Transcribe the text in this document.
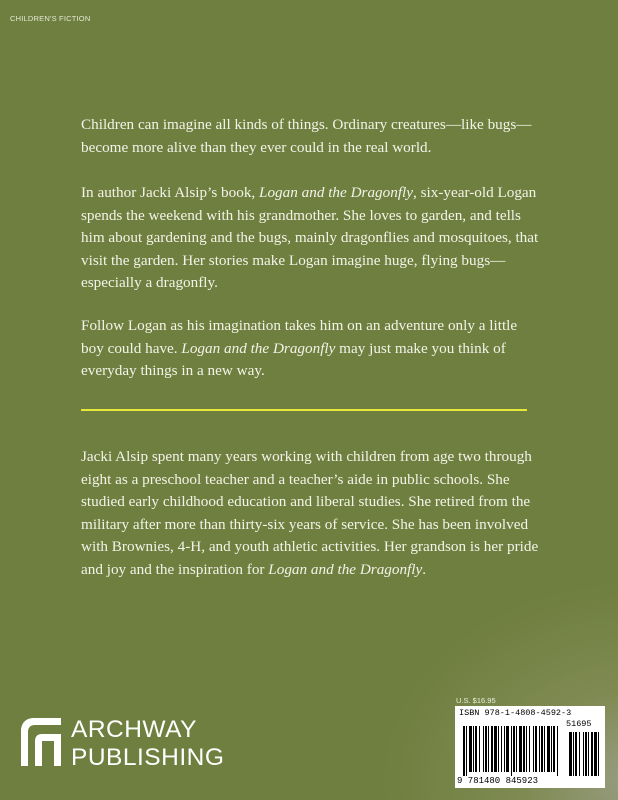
CHILDREN'S FICTION

Children can imagine all kinds of things. Ordinary creatures—like bugs—become more alive than they ever could in the real world.

In author Jacki Alsip’s book, Logan and the Dragonfly, six-year-old Logan spends the weekend with his grandmother. She loves to garden, and tells him about gardening and the bugs, mainly dragonflies and mosquitoes, that visit the garden. Her stories make Logan imagine huge, flying bugs—especially a dragonfly.

Follow Logan as his imagination takes him on an adventure only a little boy could have. Logan and the Dragonfly may just make you think of everyday things in a new way.

Jacki Alsip spent many years working with children from age two through eight as a preschool teacher and a teacher’s aide in public schools. She studied early childhood education and liberal studies. She retired from the military after more than thirty-six years of service. She has been involved with Brownies, 4-H, and youth athletic activities. Her grandson is her pride and joy and the inspiration for Logan and the Dragonfly.

ARCHWAY
PUBLISHING
U.S. $16.95

ISBN 978-1-4808-4592-3

51695

9 781480 845923
